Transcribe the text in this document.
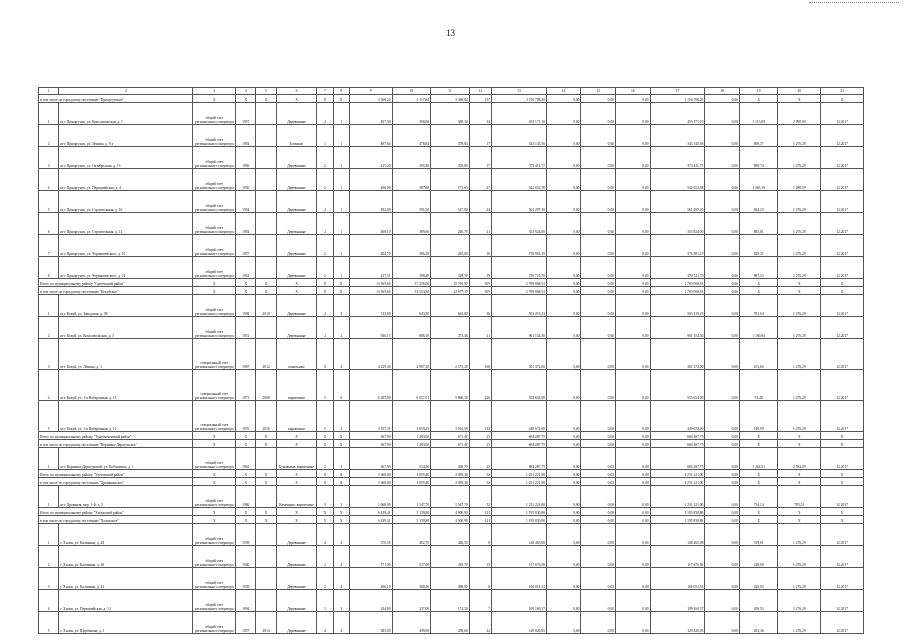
13
1	2	3	4	5	6	7	8	9	10	11	12	13	14	15	16	17	18	19	20	21
в том числе по городскому поселению "Приаргунское"		X	X	X	X	X	X	3 368,24	4 117,84	3 368,84	157	3 156 708,20	0,00	0,00	0,00	3 156 708,20	0,00	X	X	X
1	пгт. Приаргунск, ул. Комсомольская, д. 1	общий счет регионального оператора	1957		Деревянные	2	1	407,30	380,60	380,10	34	453 171,10	0,00	0,00	0,00	453 171,10	0,00	1 113,88	2 090,00	12.2017
2	пгт. Приаргунск, ул. Ленина, д. 9 а	общий счет регионального оператора	1954		Блочные	1	1	497,64	478,84	478,84	17	343 145,56	0,00	0,00	0,00	343 145,56	0,00	690,37	1 276,29	12.2017
3	пгт. Приаргунск, ул. Октябрьская, д. 13	общий счет регионального оператора	1956		Деревянные	2	1	415,20	395,80	395,80	17	373 411,77	0,00	0,00	0,00	373 411,77	0,00	898,74	1 276,29	12.2017
4	пгт. Приаргунск, ул. Первомайская, д. 4	общий счет регионального оператора	1956		Деревянные	2	1	406,00	387,60	173,60	27	542 652,58	0,00	0,00	0,00	542 652,58	0,00	1 365,19	1 280,59	12.2017
5	пгт. Приаргунск, ул. Строительная, д. 10	общий счет регионального оператора	1954		Деревянные	2	1	492,00	591,50	547,90	24	561 297,30	0,00	0,00	0,00	561 297,30	0,00	844,23	1 276,29	12.2017
6	пгт. Приаргунск, ул. Строительная, д. 12	общий счет регионального оператора	1954		Деревянные	2	1	408,10	389,66	240,78	21	353 924,00	0,00	0,00	0,00	353 924,00	0,00	885,81	1 276,29	12.2017
7	пгт. Приаргунск, ул. Чернышевского, д. 10	общий счет регионального оператора	1957		Деревянные	2	1	404,70	386,10	263,00	18	376 981,19	0,00	0,00	0,00	376 981,19	0,00	929,31	1 276,29	12.2017
8	пгт. Приаргунск, ул. Чернышевского, д. 14	общий счет регионального оператора	1954		Деревянные	2	1	417,31	398,40	329,50	19	370 721,70	0,00	0,00	0,00	370 721,70	0,00	987,53	1 276,29	12.2017
Итого по муниципальному району "Срегенский район"		X	X	X	X	X	X	15 565,64	17 256,00	15 765,97	505	2 769 068,53	0,00	0,00	0,00	2 769 068,53	0,00	X	X	X
в том числе по городскому поселению "Кокуйское"		X	X	X	X	X	X	15 565,64	13 554,30	12 677,17	505	2 769 068,53	0,00	0,00	0,00	2 769 068,53	0,00	X	X	X
1	пгт. Кокуй, ул. Заводская, д. 38	общий счет регионального оператора	1958	2010	Деревянные	2	3	743,80	643,50	643,80	36	503 219,23	0,00	0,00	0,00	503 219,23	0,00	781,64	1 276,29	12.2017
2	пгт. Кокуй, ул. Комсомольская, д. 5	общий счет регионального оператора	1951		Деревянные	2	2	946,15	886,10	373,40	21	961 154,30	0,00	0,00	0,00	961 154,30	0,00	1 160,84	1 276,29	12.2017
3	пгт. Кокуй, ул. Ленина, д. 3	специальный счет регионального оператора	1987	2012	панельные	5	4	4 229,30	2 907,30	2 575,20	160	301 372,00	0,00	0,00	0,00	301 372,00	0,00	103,66	1 276,29	12.2017
4	пгт. Кокуй, ул. 1-я Набережная, д. 15	специальный счет регионального оператора	1971	2008	кирпичные	5	9	6 287,00	6 057,01	5 860,18	226	555 654,00	0,00	0,00	0,00	555 654,00	0,00	91,40	1 276,29	12.2017
5	пгт. Кокуй, ул. 1-я Набережная, д. 11	специальный счет регионального оператора	1976	2016	кирпичные	5	4	3 357,31	3 059,23	3 014,59	112	449 672,00	0,00	0,00	0,00	449 672,00	0,00	146,99	1 276,29	12.2017
Итого по муниципальному району "Тунгокоченский район"		X	X	X	X	X	X	367,90	1 483,60	671,41	25	684 287,75	0,00	0,00	0,00	684 287,75	0,00	X	X	X
в том числе по городскому поселению "Вершино-Дарасунское"		X	X	X	X	X	X	367,90	1 483,60	671,41	25	684 287,75	0,00	0,00	0,00	684 287,75	0,00	X	X	X
1	пгт. Вершино-Дарасунский, ул. Кобзаченко, д. 1	общий счет регионального оператора	1962		Бумажные, кирпичные	2	1	367,90	534,50	430,70	25	684 287,75	0,00	0,00	0,00	684 287,75	0,00	1 264,01	2 582,09	12.2017
Итого по муниципальному району "Улетовский район"		X	X	X	X	X	X	1 668,00	3 095,40	3 095,40	52	1 231 221,00	0,00	0,00	0,00	1 231 221,00	0,00	X	X	X
в том числе по городскому поселению "Дровянинское"		X	X	X	X	X	X	1 668,00	3 095,40	3 095,40	52	1 231 221,00	0,00	0,00	0,00	1 231 221,00	0,00	X	X	X
1	пгт. Дровяная, мкр. 1-й, д. 2	общий счет регионального оператора	1986		Каменные, кирпичные	5	3	1 668,00	1 547,70	1 547,70	52	1 231 221,00	0,00	0,00	0,00	1 231 221,00	0,00	734,14	795,52	12.2017
Итого по муниципальному району "Хилокский район"		X	X	X	X	X	X	6 439,41	5 139,80	4 900,90	121	1 195 830,86	0,00	0,00	0,00	1 195 830,86	0,00	X	X	X
в том числе по городскому поселению "Хилокское"		X	X	X	X	X	X	6 439,41	5 139,80	4 900,90	121	1 195 830,86	0,00	0,00	0,00	1 195 830,86	0,00	X	X	X
1	г. Хилок, ул. Калинина, д. 28	общий счет регионального оператора	1939		Деревянные	2	2	376,50	402,70	426,50	8	148 465,08	0,00	0,00	0,00	148 465,08	0,00	319,61	1 276,29	12.2017
2	г. Хилок, ул. Калинина, д. 40	общий счет регионального оператора	1940		Деревянные	2	2	571,00	527,00	419,70	15	117 676,56	0,00	0,00	0,00	117 676,56	0,00	228,00	1 276,29	12.2017
3	г. Хилок, ул. Калинина, д. 41	общий счет регионального оператора	1939		Деревянные	2	2	406,10	388,90	388,90	6	166 051,53	0,00	0,00	0,00	166 051,53	0,00	426,03	1 276,29	12.2017
4	г. Хилок, ул. Первомайская, д. 14	общий счет регионального оператора	1894		Деревянные	1	3	244,80	237,00	174,30	7	109 160,57	0,00	0,00	0,00	109 160,57	0,00	458,53	1 276,29	12.2017
5	г. Хилок, ул. Щербакова, д. 1	общий счет регионального оператора	1957	2014	Деревянные	2	2	385,00	499,00	458,60	22	129 820,05	0,00	0,00	0,00	129 820,05	0,00	263,36	1 276,29	12.2017
